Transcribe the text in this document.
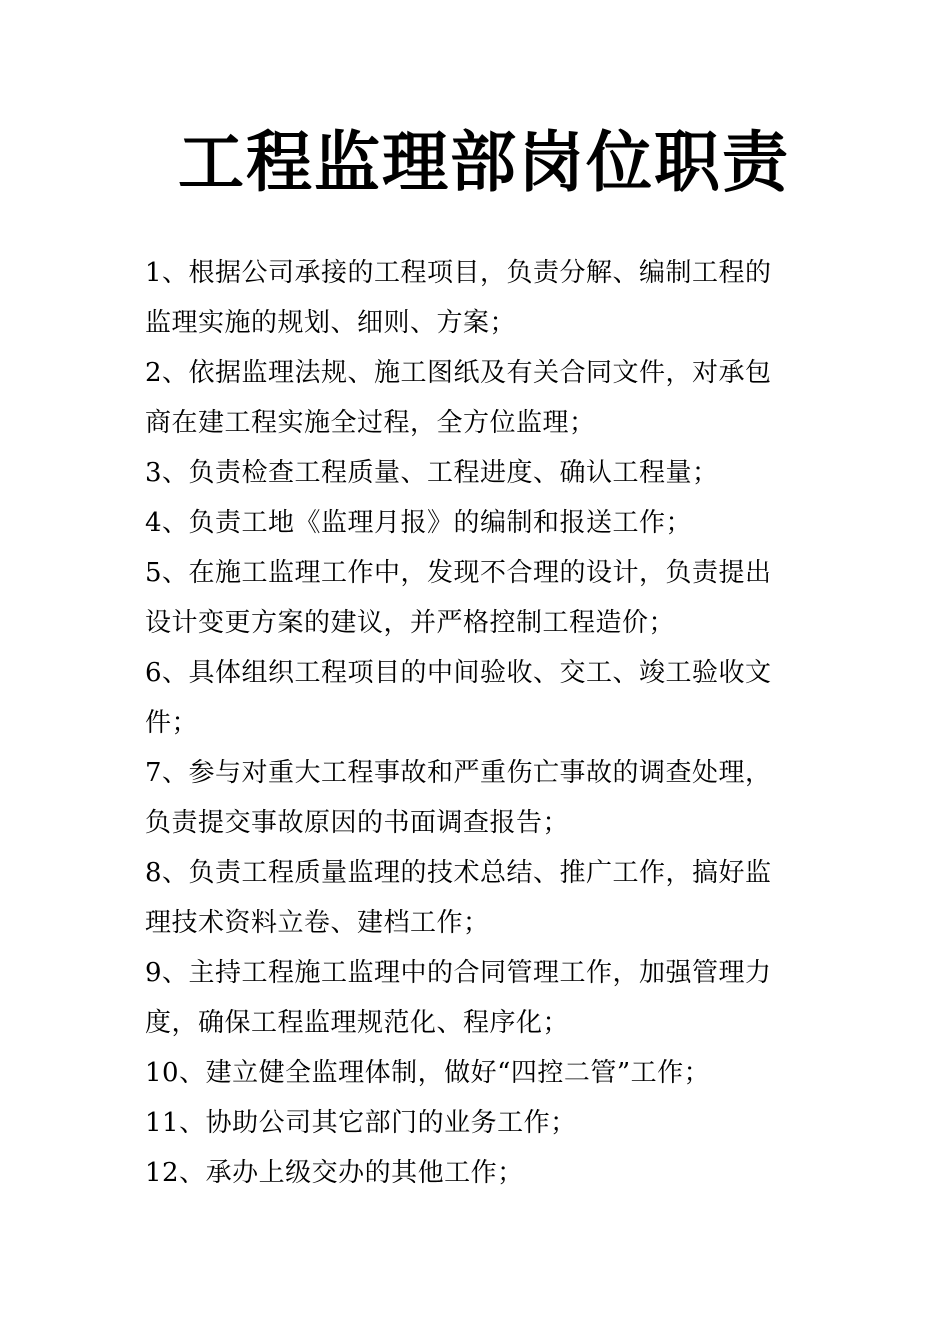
工程监理部岗位职责
1、根据公司承接的工程项目，负责分解、编制工程的
监理实施的规划、细则、方案；
2、依据监理法规、施工图纸及有关合同文件，对承包
商在建工程实施全过程，全方位监理；
3、负责检查工程质量、工程进度、确认工程量；
4、负责工地《监理月报》的编制和报送工作；
5、在施工监理工作中，发现不合理的设计，负责提出
设计变更方案的建议，并严格控制工程造价；
6、具体组织工程项目的中间验收、交工、竣工验收文
件；
7、参与对重大工程事故和严重伤亡事故的调查处理，
负责提交事故原因的书面调查报告；
8、负责工程质量监理的技术总结、推广工作，搞好监
理技术资料立卷、建档工作；
9、主持工程施工监理中的合同管理工作，加强管理力
度，确保工程监理规范化、程序化；
10、建立健全监理体制，做好“四控二管”工作；
11、协助公司其它部门的业务工作；
12、承办上级交办的其他工作；
